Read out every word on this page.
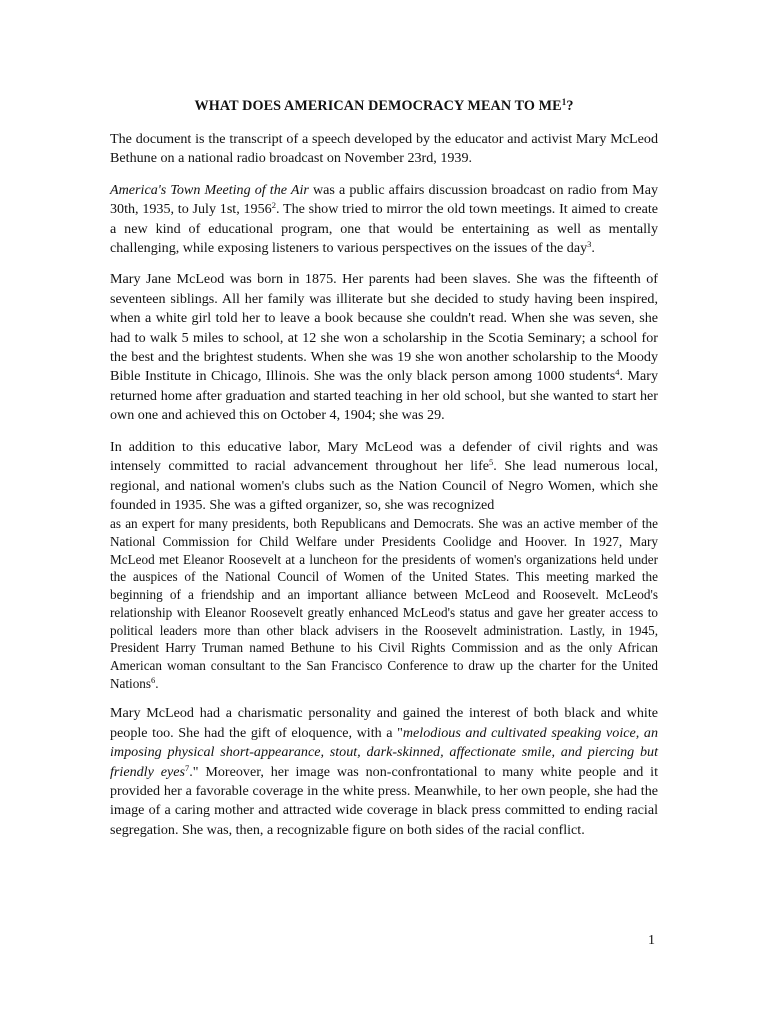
WHAT DOES AMERICAN DEMOCRACY MEAN TO $ME^1$?

The document is the transcript of a speech developed by the educator and activist Mary McLeod Bethune on a national radio broadcast on November 23rd, 1939.

America's Town Meeting of the Air was a public affairs discussion broadcast on radio from May 30th, 1935, to July 1st, 1956$^2$. The show tried to mirror the old town meetings. It aimed to create a new kind of educational program, one that would be entertaining as well as mentally challenging, while exposing listeners to various perspectives on the issues of the day$^3$.

Mary Jane McLeod was born in 1875. Her parents had been slaves. She was the fifteenth of seventeen siblings. All her family was illiterate but she decided to study having been inspired, when a white girl told her to leave a book because she couldn't read. When she was seven, she had to walk 5 miles to school, at 12 she won a scholarship in the Scotia Seminary; a school for the best and the brightest students. When she was 19 she won another scholarship to the Moody Bible Institute in Chicago, Illinois. She was the only black person among 1000 students$^4$. Mary returned home after graduation and started teaching in her old school, but she wanted to start her own one and achieved this on October 4, 1904; she was 29.

In addition to this educative labor, Mary McLeod was a defender of civil rights and was intensely committed to racial advancement throughout her life$^5$. She lead numerous local, regional, and national women's clubs such as the Nation Council of Negro Women, which she founded in 1935. She was a gifted organizer, so, she was recognized

as an expert for many presidents, both Republicans and Democrats. She was an active member of the National Commission for Child Welfare under Presidents Coolidge and Hoover. In 1927, Mary McLeod met Eleanor Roosevelt at a luncheon for the presidents of women's organizations held under the auspices of the National Council of Women of the United States. This meeting marked the beginning of a friendship and an important alliance between McLeod and Roosevelt. McLeod's relationship with Eleanor Roosevelt greatly enhanced McLeod's status and gave her greater access to political leaders more than other black advisers in the Roosevelt administration. Lastly, in 1945, President Harry Truman named Bethune to his Civil Rights Commission and as the only African American woman consultant to the San Francisco Conference to draw up the charter for the United Nations$^6$.

Mary McLeod had a charismatic personality and gained the interest of both black and white people too. She had the gift of eloquence, with a "melodious and cultivated speaking voice, an imposing physical short-appearance, stout, dark-skinned, affectionate smile, and piercing but friendly eyes$^7$." Moreover, her image was non-confrontational to many white people and it provided her a favorable coverage in the white press. Meanwhile, to her own people, she had the image of a caring mother and attracted wide coverage in black press committed to ending racial segregation. She was, then, a recognizable figure on both sides of the racial conflict.

1
